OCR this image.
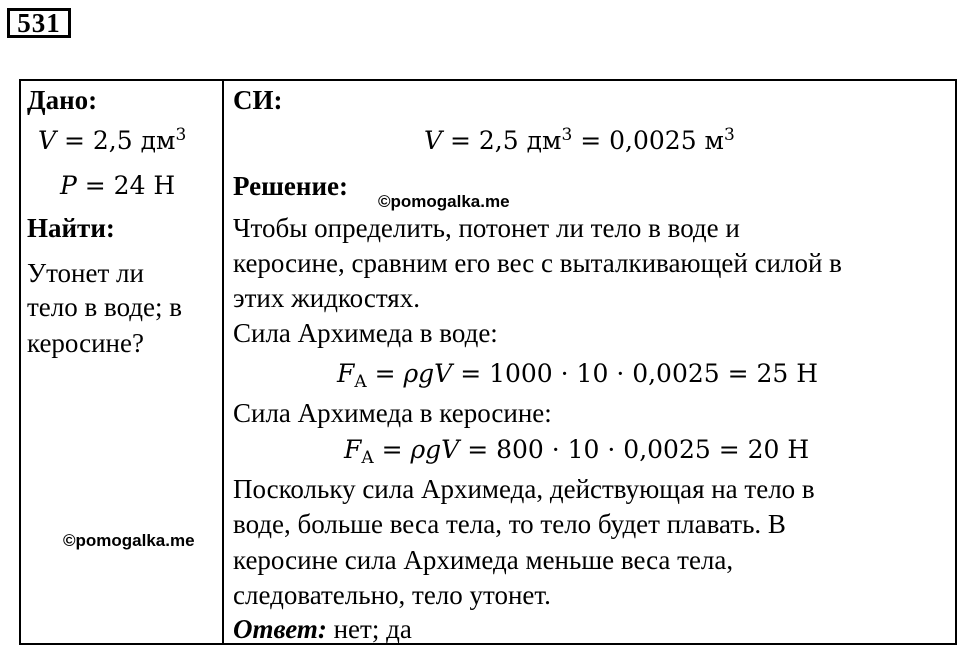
531
Дано:
V = 2,5 $дм^3$
P = 24 Н
Найти:
Утонет ли
тело в воде; в
керосине?
©pomogalka.me
СИ:
V = 2,5 $дм^3 = 0,0025$ $м^3$
Решение:
©pomogalka.me
Чтобы определить, потонет ли тело в воде и
керосине, сравним его вес с выталкивающей силой в
этих жидкостях.
Сила Архимеда в воде:
$F_A = \rho gV = 1000 \cdot 10 \cdot 0,0025 = 25$ Н
Сила Архимеда в керосине:
$F_A = \rho gV = 800 \cdot 10 \cdot 0,0025 = 20$ Н
Поскольку сила Архимеда, действующая на тело в
воде, больше веса тела, то тело будет плавать. В
керосине сила Архимеда меньше веса тела,
следовательно, тело утонет.
Ответ: нет; да
